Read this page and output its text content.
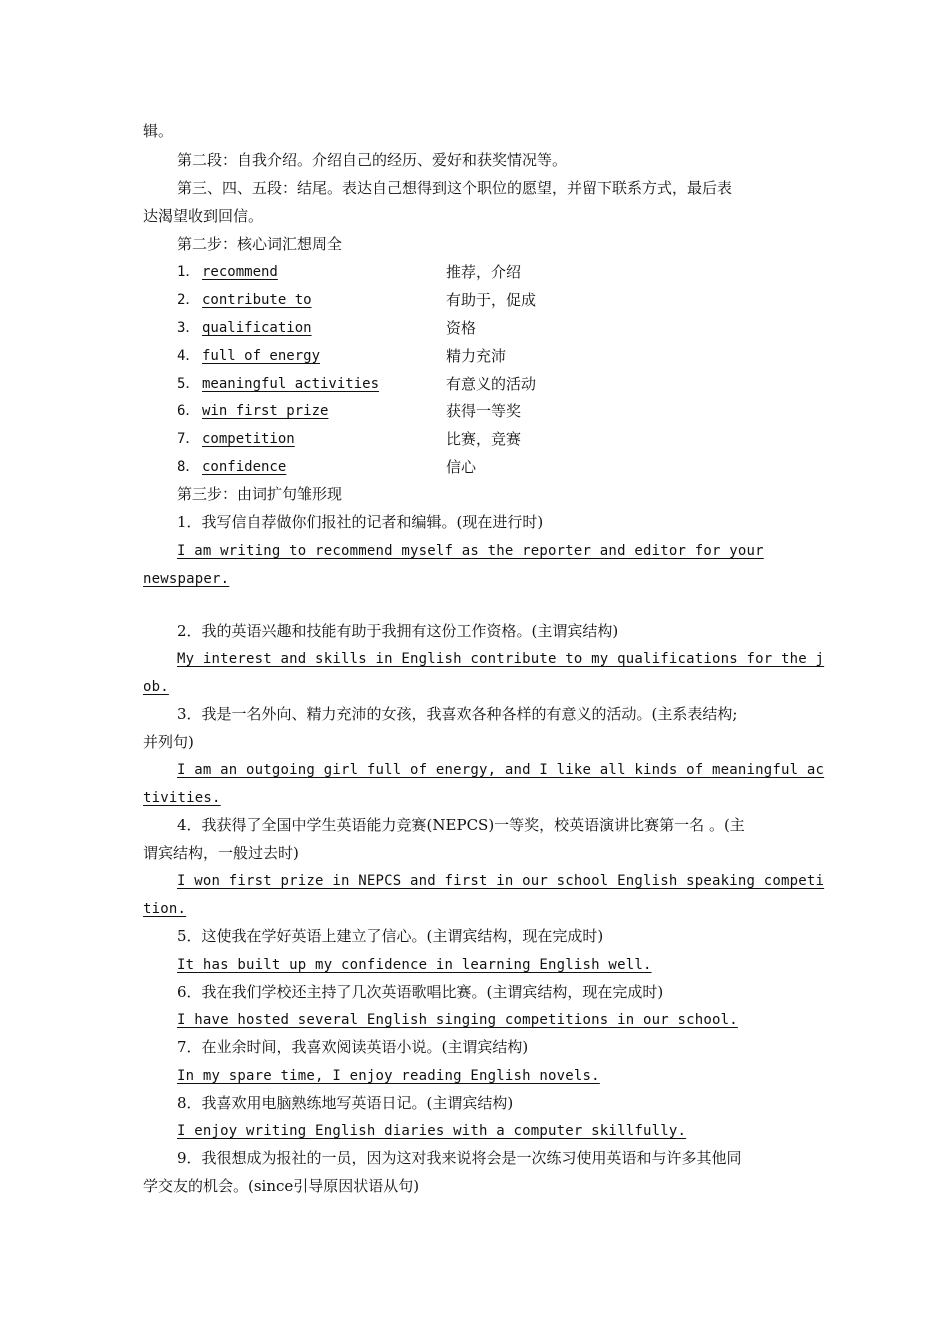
辑。
第二段：自我介绍。介绍自己的经历、爱好和获奖情况等。
第三、四、五段：结尾。表达自己想得到这个职位的愿望，并留下联系方式，最后表
达渴望收到回信。
第二步：核心词汇想周全
1． recommend	推荐，介绍
2． contribute to	有助于，促成
3． qualification	资格
4． full of energy	精力充沛
5． meaningful activities	有意义的活动
6． win first prize	获得一等奖
7． competition	比赛，竞赛
8． confidence	信心
第三步：由词扩句雏形现
1．我写信自荐做你们报社的记者和编辑。(现在进行时)
I am writing to recommend myself as the reporter and editor for your
newspaper.
2．我的英语兴趣和技能有助于我拥有这份工作资格。(主谓宾结构)
My interest and skills in English contribute to my qualifications for the j
ob.
3．我是一名外向、精力充沛的女孩，我喜欢各种各样的有意义的活动。(主系表结构;
并列句)
I am an outgoing girl full of energy, and I like all kinds of meaningful ac
tivities.
4．我获得了全国中学生英语能力竞赛(NEPCS)一等奖，校英语演讲比赛第一名 。(主
谓宾结构，一般过去时)
I won first prize in NEPCS and first in our school English speaking competi
tion.
5．这使我在学好英语上建立了信心。(主谓宾结构，现在完成时)
It has built up my confidence in learning English well.
6．我在我们学校还主持了几次英语歌唱比赛。(主谓宾结构，现在完成时)
I have hosted several English singing competitions in our school.
7．在业余时间，我喜欢阅读英语小说。(主谓宾结构)
In my spare time, I enjoy reading English novels.
8．我喜欢用电脑熟练地写英语日记。(主谓宾结构)
I enjoy writing English diaries with a computer skillfully.
9．我很想成为报社的一员，因为这对我来说将会是一次练习使用英语和与许多其他同
学交友的机会。(since引导原因状语从句)
